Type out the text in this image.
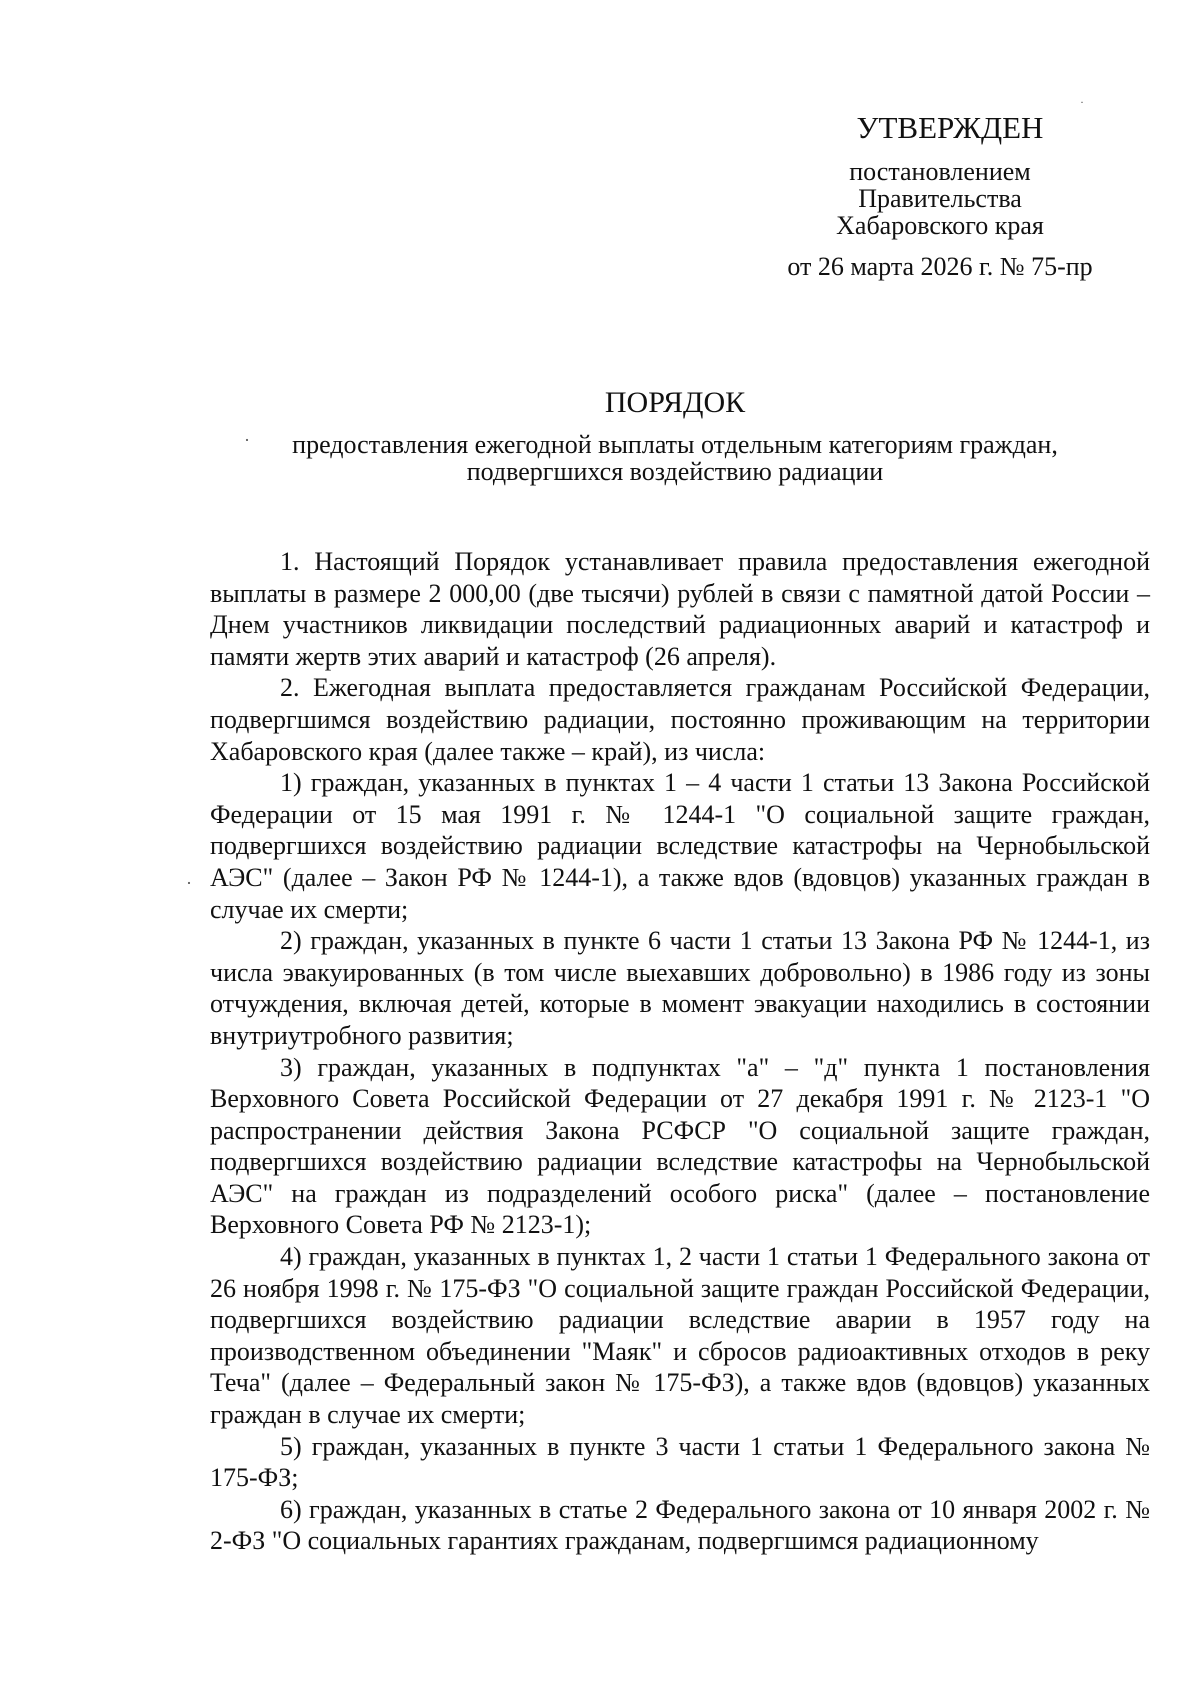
·
·
·
УТВЕРЖДЕН
постановлением
Правительства
Хабаровского края
от 26 марта 2026 г. № 75-пр
ПОРЯДОК
предоставления ежегодной выплаты отдельным категориям граждан,
подвергшихся воздействию радиации

1. Настоящий Порядок устанавливает правила предоставления ежегодной выплаты в размере 2 000,00 (две тысячи) рублей в связи с памятной датой России – Днем участников ликвидации последствий радиационных аварий и катастроф и памяти жертв этих аварий и катастроф (26 апреля).

2. Ежегодная выплата предоставляется гражданам Российской Федерации, подвергшимся воздействию радиации, постоянно проживающим на территории Хабаровского края (далее также – край), из числа:

1) граждан, указанных в пунктах 1 – 4 части 1 статьи 13 Закона Российской Федерации от 15 мая 1991 г. № 1244-1 "О социальной защите граждан, подвергшихся воздействию радиации вследствие катастрофы на Чернобыльской АЭС" (далее – Закон РФ № 1244-1), а также вдов (вдовцов) указанных граждан в случае их смерти;

2) граждан, указанных в пункте 6 части 1 статьи 13 Закона РФ № 1244-1, из числа эвакуированных (в том числе выехавших добровольно) в 1986 году из зоны отчуждения, включая детей, которые в момент эвакуации находились в состоянии внутриутробного развития;

3) граждан, указанных в подпунктах "а" – "д" пункта 1 постановления Верховного Совета Российской Федерации от 27 декабря 1991 г. № 2123-1 "О распространении действия Закона РСФСР "О социальной защите граждан, подвергшихся воздействию радиации вследствие катастрофы на Чернобыльской АЭС" на граждан из подразделений особого риска" (далее – постановление Верховного Совета РФ № 2123-1);

4) граждан, указанных в пунктах 1, 2 части 1 статьи 1 Федерального закона от 26 ноября 1998 г. № 175-ФЗ "О социальной защите граждан Российской Федерации, подвергшихся воздействию радиации вследствие аварии в 1957 году на производственном объединении "Маяк" и сбросов радиоактивных отходов в реку Теча" (далее – Федеральный закон № 175-ФЗ), а также вдов (вдовцов) указанных граждан в случае их смерти;

5) граждан, указанных в пункте 3 части 1 статьи 1 Федерального закона № 175-ФЗ;

6) граждан, указанных в статье 2 Федерального закона от 10 января 2002 г. № 2-ФЗ "О социальных гарантиях гражданам, подвергшимся радиационному
